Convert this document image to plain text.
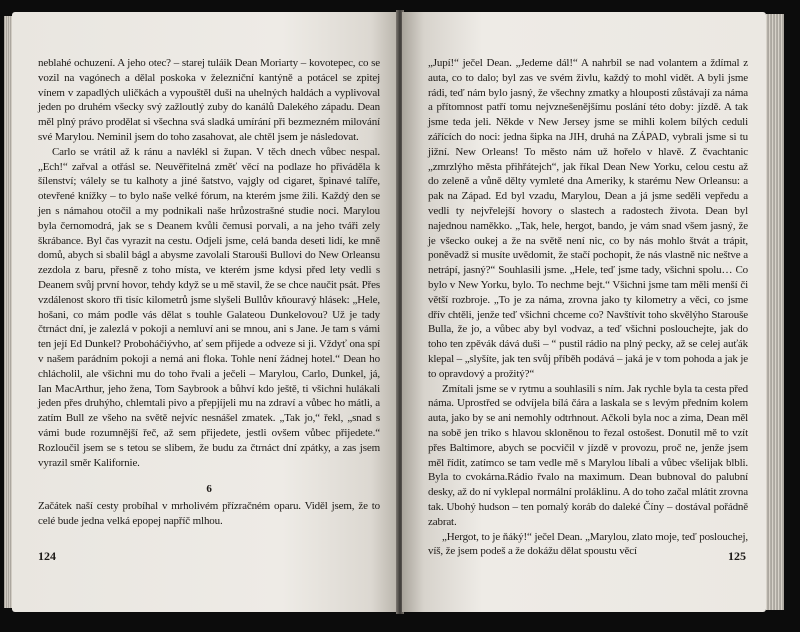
neblahé ochuzení. A jeho otec? – starej tuláik Dean Moriarty – kovotepec, co se vozil na vagónech a dělal poskoka v železniční kantýně a potácel se zpitej vínem v zapadlých uličkách a vypouštěl duši na uhelných haldách a vyplivoval jeden po druhém všecky svý zažloutlý zuby do kanálů Dalekého západu. Dean měl plný právo prodělat si všechna svá sladká umírání při bezmezném milování své Marylou. Neminil jsem do toho zasahovat, ale chtěl jsem je následovat.

Carlo se vrátil až k ránu a navlékl si župan. V těch dnech vůbec nespal. „Ech!“ zařval a otřásl se. Neuvěřitelná změť věcí na podlaze ho přiváděla k šílenství; válely se tu kalhoty a jiné šatstvo, vajgly od cigaret, špinavé talíře, otevřené knížky – to bylo naše velké fórum, na kterém jsme žili. Každý den se jen s námahou otočil a my podnikali naše hrůzostrašné studie noci. Marylou byla černomodrá, jak se s Deanem kvůli čemusi porvali, a na jeho tváři zely škrábance. Byl čas vyrazit na cestu. Odjeli jsme, celá banda deseti lidí, ke mně domů, abych si sbalil bágl a abysme zavolali Starouši Bullovi do New Orleansu zezdola z baru, přesně z toho místa, ve kterém jsme kdysi před lety vedli s Deanem svůj první hovor, tehdy když se u mě stavil, že se chce naučit psát. Přes vzdálenost skoro tři tisíc kilometrů jsme slyšeli Bullův kňouravý hlásek: „Hele, hošani, co mám podle vás dělat s touhle Galateou Dunkelovou? Už je tady čtrnáct dní, je zalezlá v pokoji a nemluví ani se mnou, ani s Jane. Je tam s vámi ten její Ed Dunkel? Proboháčiývho, ať sem přijede a odveze si ji. Vždyť ona spí v našem parádním pokoji a nemá ani floka. Tohle není žádnej hotel.“ Dean ho chlácholil, ale všichni mu do toho řvali a ječeli – Marylou, Carlo, Dunkel, já, Ian MacArthur, jeho žena, Tom Saybrook a bůhví kdo ještě, ti všichni hulákali jeden přes druhýho, chlemtali pivo a přepjíjeli mu na zdraví a vůbec ho mátli, a zatím Bull ze všeho na světě nejvíc nesnášel zmatek. „Tak jo,“ řekl, „snad s vámi bude rozumnější řeč, až sem přijedete, jestli ovšem vůbec přijedete.“ Rozloučil jsem se s tetou se slibem, že budu za čtrnáct dní zpátky, a zas jsem vyrazil směr Kalifornie.

6

Začátek naší cesty probíhal v mrholivém přízračném oparu. Viděl jsem, že to celé bude jedna velká epopej napříč mlhou.

124

„Jupí!“ ječel Dean. „Jedeme dál!“ A nahrbil se nad volantem a ždímal z auta, co to dalo; byl zas ve svém živlu, každý to mohl vidět. A byli jsme rádi, teď nám bylo jasný, že všechny zmatky a hlouposti zůstávají za náma a přítomnost patří tomu nejvznešenějšímu poslání této doby: jízdě. A tak jsme teda jeli. Někde v New Jersey jsme se mihli kolem bílých ceduli zářících do noci: jedna šipka na JIH, druhá na ZÁPAD, vybrali jsme si tu jižní. New Orleans! To město nám už hořelo v hlavě. Z čvachtanic „zmrzlýho města přihřátejch“, jak říkal Dean New Yorku, celou cestu až do zeleně a vůně dělty vymleté dna Ameriky, k starému New Orleansu: a pak na Západ. Ed byl vzadu, Marylou, Dean a já jsme seděli vepředu a vedli ty nejvřelejší hovory o slastech a radostech života. Dean byl najednou naměkko. „Tak, hele, hergot, bando, je vám snad všem jasný, že je všecko oukej a že na světě není nic, co by nás mohlo štvát a trápit, poněvadž si musíte uvědomit, že stačí pochopit, že nás vlastně nic neštve a netrápí, jasný?“ Souhlasili jsme. „Hele, teď jsme tady, všichni spolu… Co bylo v New Yorku, bylo. To nechme bejt.“ Všichni jsme tam měli menší či větší rozbroje. „To je za náma, zrovna jako ty kilometry a věci, co jsme dřív chtěli, jenže teď všichni chceme co? Navštívit toho skvělýho Starouše Bulla, že jo, a vůbec aby byl vodvaz, a teď všichni poslouchejte, jak do toho ten zpěvák dává duši – “ pustil rádio na plný pecky, až se celej auťák klepal – „slyšíte, jak ten svůj příběh podává – jaká je v tom pohoda a jak je to opravdový a prožitý?“

Zmítali jsme se v rytmu a souhlasili s ním. Jak rychle byla ta cesta před náma. Uprostřed se odvíjela bílá čára a laskala se s levým předním kolem auta, jako by se ani nemohly odtrhnout. Ačkoli byla noc a zima, Dean měl na sobě jen triko s hlavou skloněnou to řezal ostošest. Donutil mě to vzít přes Baltimore, abych se pocvičil v jízdě v provozu, proč ne, jenže jsem měl řídit, zatímco se tam vedle mě s Marylou líbali a vůbec všelijak blbli. Byla to cvokárna.Rádio řvalo na maximum. Dean bubnoval do palubní desky, až do ní vyklepal normální proláklinu. A do toho začal mlátit zrovna tak. Ubohý hudson – ten pomalý koráb do daleké Číny – dostával pořádně zabrat.

„Hergot, to je ňáký!“ ječel Dean. „Marylou, zlato moje, teď poslouchej, víš, že jsem podeš a že dokážu dělat spoustu věcí	125
